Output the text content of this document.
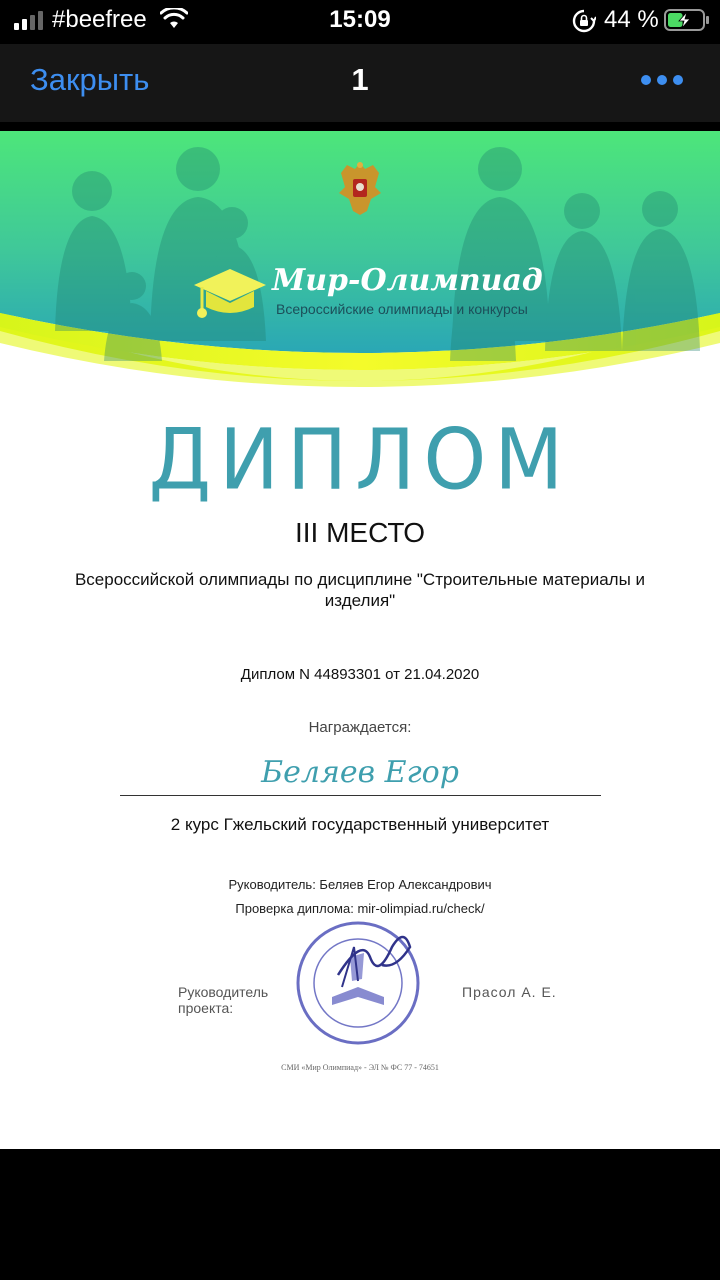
#beefree	15:09	44 %
Закрыть	1
Мир-Олимпиад
Всероссийские олимпиады и конкурсы
ДИПЛОМ
III МЕСТО
Всероссийской олимпиады по дисциплине "Строительные материалы и изделия"
Диплом N 44893301 от 21.04.2020
Награждается:
Беляев Егор
2 курс Гжельский государственный университет
Руководитель: Беляев Егор Александрович
Проверка диплома: mir-olimpiad.ru/check/
Руководитель проекта:
Прасол А. Е.
СМИ «Мир Олимпиад» - ЭЛ № ФС 77 - 74651
